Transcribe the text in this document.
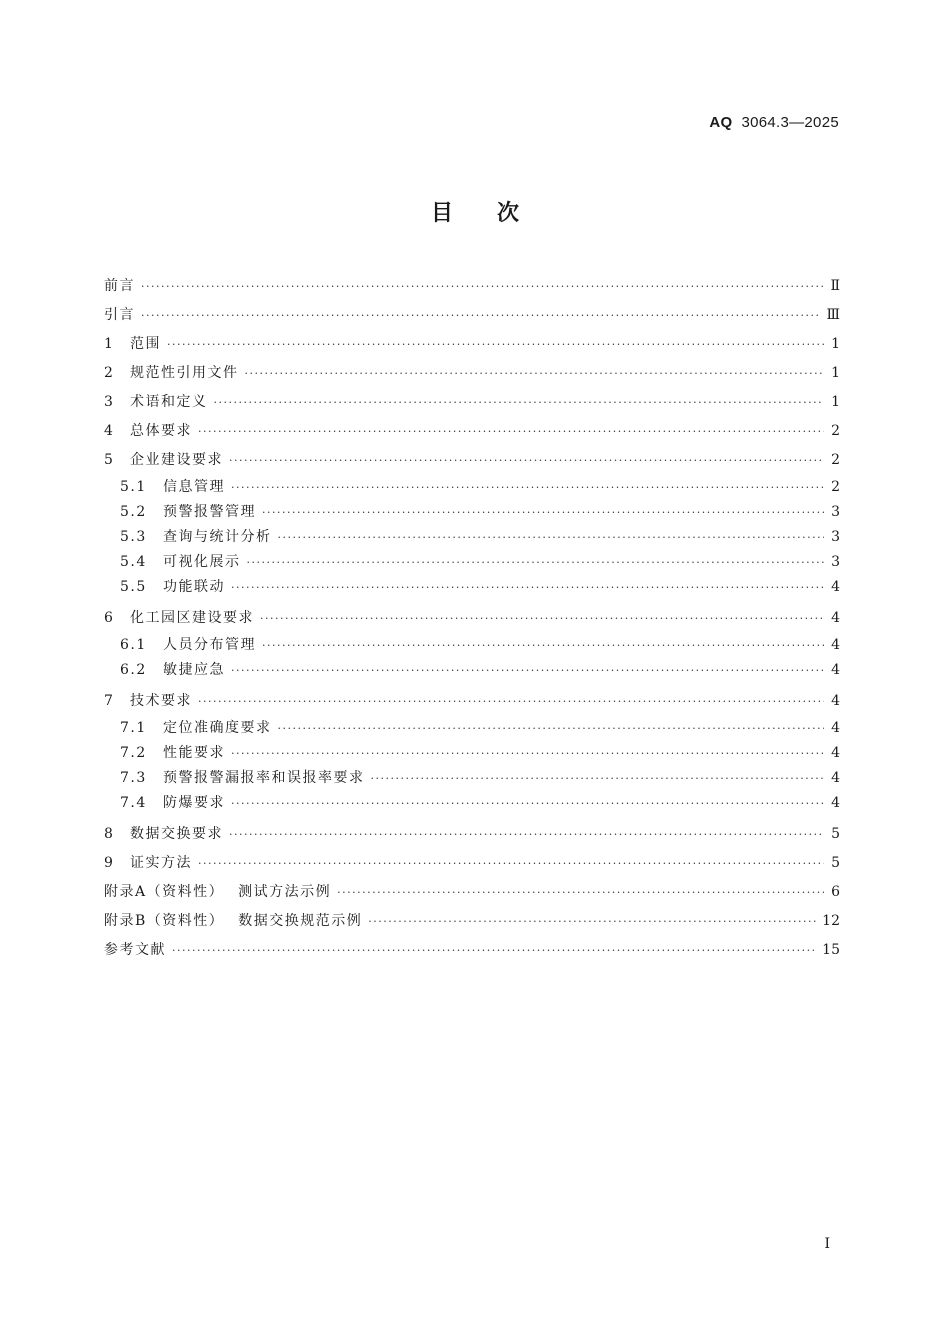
AQ 3064.3—2025
目次
前言 ·····	Ⅱ
引言 ·····	Ⅲ
1	范围 ·····	1
2	规范性引用文件 ·····	1
3	术语和定义 ·····	1
4	总体要求 ·····	2
5	企业建设要求 ·····	2
5.1	信息管理 ·····	2
5.2	预警报警管理 ·····	3
5.3	查询与统计分析 ·····	3
5.4	可视化展示 ·····	3
5.5	功能联动 ·····	4
6	化工园区建设要求 ·····	4
6.1	人员分布管理 ·····	4
6.2	敏捷应急 ·····	4
7	技术要求 ·····	4
7.1	定位准确度要求 ·····	4
7.2	性能要求 ·····	4
7.3	预警报警漏报率和误报率要求 ·····	4
7.4	防爆要求 ·····	4
8	数据交换要求 ·····	5
9	证实方法 ·····	5
附录A（资料性） 测试方法示例 ·····	6
附录B（资料性） 数据交换规范示例 ·····	12
参考文献 ·····	15
I
